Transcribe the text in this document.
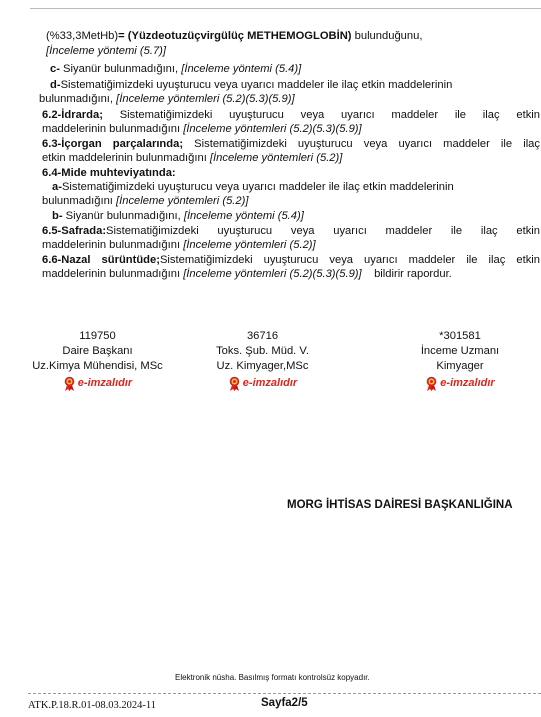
(%33,3MetHb)= (Yüzdeotuzüçvirgülüç METHEMOGLOBİN) bulunduğunu,
[İnceleme yöntemi (5.7)]
c- Siyanür bulunmadığını, [İnceleme yöntemi (5.4)]
d-Sistematiğimizdeki uyuşturucu veya uyarıcı maddeler ile ilaç etkin maddelerinin
bulunmadığını, [İnceleme yöntemleri (5.2)(5.3)(5.9)]
6.2-İdrarda; Sistematiğimizdeki uyuşturucu veya uyarıcı maddeler ile ilaç etkin
maddelerinin bulunmadığını [İnceleme yöntemleri (5.2)(5.3)(5.9)]
6.3-İçorgan parçalarında; Sistematiğimizdeki uyuşturucu veya uyarıcı maddeler ile ilaç
etkin maddelerinin bulunmadığını [İnceleme yöntemleri (5.2)]
6.4-Mide muhteviyatında:
a-Sistematiğimizdeki uyuşturucu veya uyarıcı maddeler ile ilaç etkin maddelerinin
bulunmadığını [İnceleme yöntemleri (5.2)]
b- Siyanür bulunmadığını, [İnceleme yöntemi (5.4)]
6.5-Safrada:Sistematiğimizdeki uyuşturucu veya uyarıcı maddeler ile ilaç etkin
maddelerinin bulunmadığını [İnceleme yöntemleri (5.2)]
6.6-Nazal sürüntüde;Sistematiğimizdeki uyuşturucu veya uyarıcı maddeler ile ilaç etkin
maddelerinin bulunmadığını [İnceleme yöntemleri (5.2)(5.3)(5.9)]    bildirir rapordur.
119750
Daire Başkanı
Uz.Kimya Mühendisi, MSc
e-imzalıdır
36716
Toks. Şub. Müd. V.
Uz. Kimyager,MSc
e-imzalıdır
*301581
İnceme Uzmanı
Kimyager
e-imzalıdır
MORG İHTİSAS DAİRESİ BAŞKANLIĞINA
Elektronik nüsha. Basılmış formatı kontrolsüz kopyadır.
ATK.P.18.R.01-08.03.2024-11	Sayfa2/5
